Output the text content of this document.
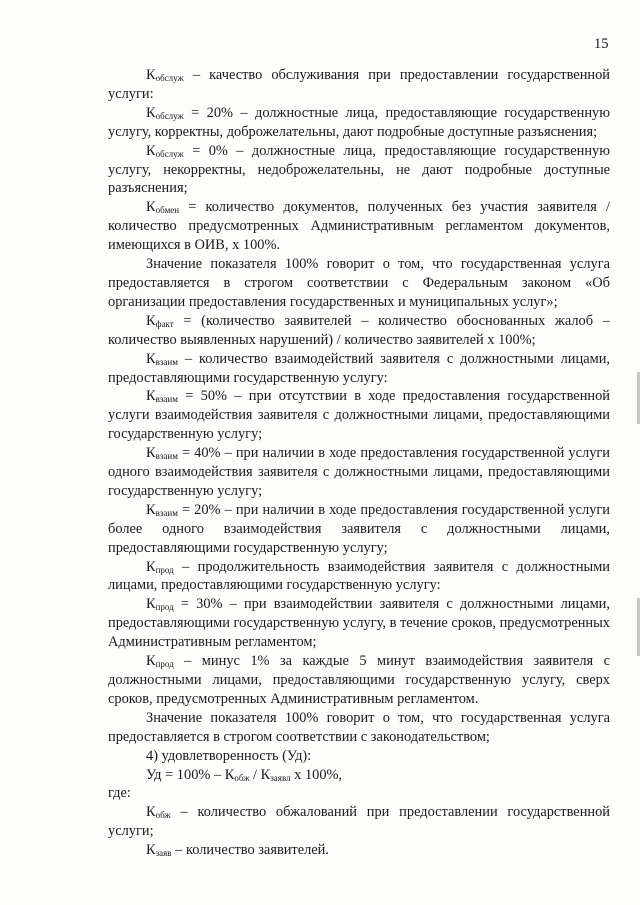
15

$К_{обслуж}$ – качество обслуживания при предоставлении государственной услуги:

$К_{обслуж} = 20\%$ – должностные лица, предоставляющие государственную услугу, корректны, доброжелательны, дают подробные доступные разъяснения;

$К_{обслуж} = 0\%$ – должностные лица, предоставляющие государственную услугу, некорректны, недоброжелательны, не дают подробные доступные разъяснения;

$К_{обмен}$ = количество документов, полученных без участия заявителя / количество предусмотренных Административным регламентом документов, имеющихся в ОИВ, х 100%.

Значение показателя 100% говорит о том, что государственная услуга предоставляется в строгом соответствии с Федеральным законом «Об организации предоставления государственных и муниципальных услуг»;

$К_{факт}$ = (количество заявителей – количество обоснованных жалоб – количество выявленных нарушений) / количество заявителей х 100%;

$К_{взаим}$ – количество взаимодействий заявителя с должностными лицами, предоставляющими государственную услугу:

$К_{взаим} = 50\%$ – при отсутствии в ходе предоставления государственной услуги взаимодействия заявителя с должностными лицами, предоставляющими государственную услугу;

$К_{взаим} = 40\%$ – при наличии в ходе предоставления государственной услуги одного взаимодействия заявителя с должностными лицами, предоставляющими государственную услугу;

$К_{взаим} = 20\%$ – при наличии в ходе предоставления государственной услуги более одного взаимодействия заявителя с должностными лицами, предоставляющими государственную услугу;

$К_{прод}$ – продолжительность взаимодействия заявителя с должностными лицами, предоставляющими государственную услугу:

$К_{прод} = 30\%$ – при взаимодействии заявителя с должностными лицами, предоставляющими государственную услугу, в течение сроков, предусмотренных Административным регламентом;

$К_{прод}$ – минус 1% за каждые 5 минут взаимодействия заявителя с должностными лицами, предоставляющими государственную услугу, сверх сроков, предусмотренных Административным регламентом.

Значение показателя 100% говорит о том, что государственная услуга предоставляется в строгом соответствии с законодательством;

4) удовлетворенность (Уд):

Уд = $100\% - К_{обж} / К_{заявл}$ х 100%,

где:

$К_{обж}$ – количество обжалований при предоставлении государственной услуги;

$К_{заяв}$ – количество заявителей.
